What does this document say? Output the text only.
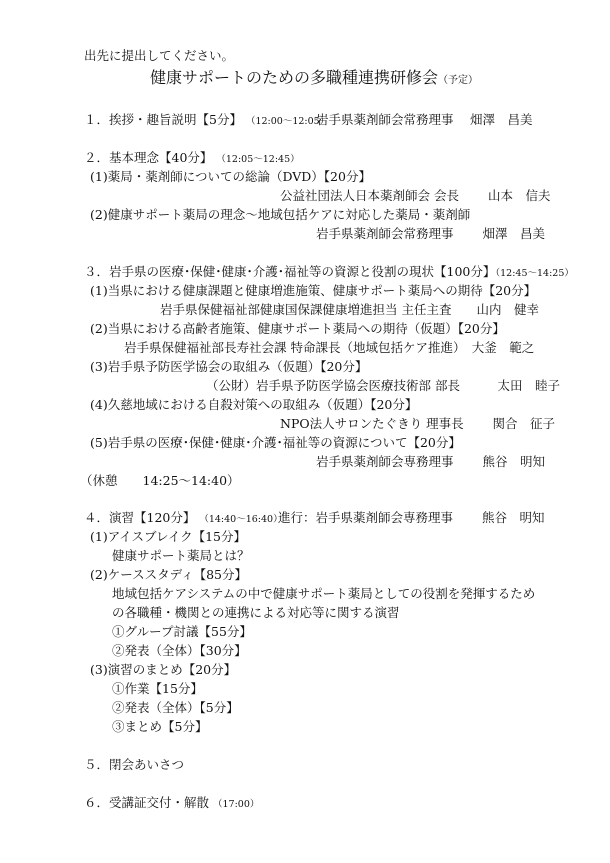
出先に提出してください。
健康サポートのための多職種連携研修会（予定）
１．挨拶・趣旨説明【5分】 （12:00～12:05）
岩手県薬剤師会常務理事　 畑澤　昌美
２．基本理念【40分】 （12:05～12:45）
(1)薬局・薬剤師についての総論（DVD）【20分】
公益社団法人日本薬剤師会 会長　　 山本　信夫
(2)健康サポート薬局の理念～地域包括ケアに対応した薬局・薬剤師
岩手県薬剤師会常務理事　　 畑澤　昌美
３．岩手県の医療･保健･健康･介護･福祉等の資源と役割の現状【100分】（12:45～14:25）
(1)当県における健康課題と健康増進施策、健康サポート薬局への期待【20分】
岩手県保健福祉部健康国保課健康増進担当 主任主査　　山内　健幸
(2)当県における高齢者施策、健康サポート薬局への期待（仮題）【20分】
岩手県保健福祉部長寿社会課 特命課長（地域包括ケア推進）　大釜　範之
(3)岩手県予防医学協会の取組み（仮題）【20分】
（公財）岩手県予防医学協会医療技術部 部長　　　太田　睦子
(4)久慈地域における自殺対策への取組み（仮題）【20分】
NPO法人サロンたぐきり 理事長　　 関合　征子
(5)岩手県の医療･保健･健康･介護･福祉等の資源について【20分】
岩手県薬剤師会専務理事　　 熊谷　明知
（休憩　　14:25～14:40）
４．演習【120分】 （14:40～16:40）
進行：岩手県薬剤師会専務理事　　 熊谷　明知
(1)アイスブレイク【15分】
健康サポート薬局とは？
(2)ケーススタディ【85分】
地域包括ケアシステムの中で健康サポート薬局としての役割を発揮するため
の各職種・機関との連携による対応等に関する演習
①グループ討議【55分】
②発表（全体）【30分】
(3)演習のまとめ【20分】
①作業【15分】
②発表（全体）【5分】
③まとめ【5分】
５．閉会あいさつ
６．受講証交付・解散 （17:00）
